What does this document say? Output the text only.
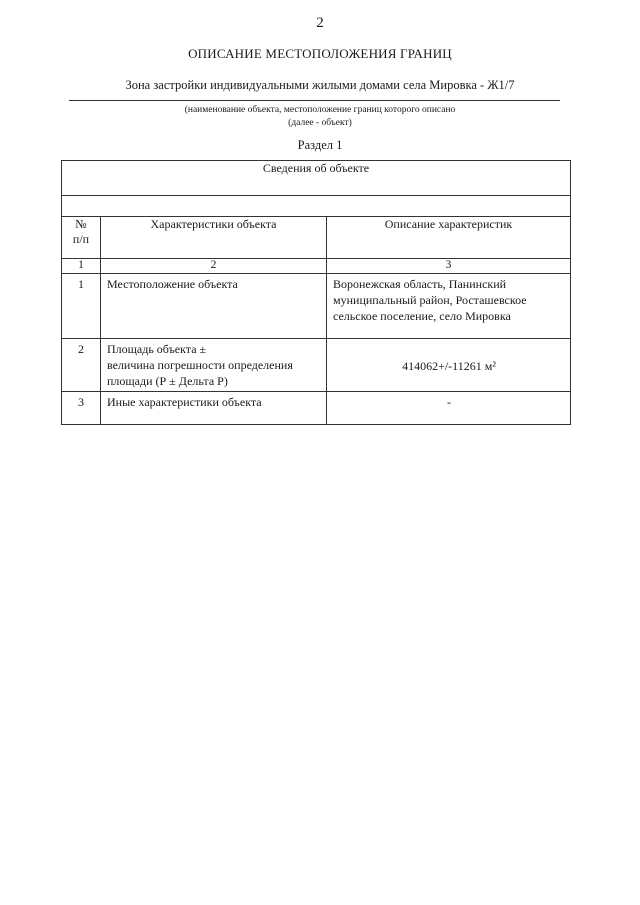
2
ОПИСАНИЕ МЕСТОПОЛОЖЕНИЯ ГРАНИЦ
Зона застройки индивидуальными жилыми домами села Мировка - Ж1/7
(наименование объекта, местоположение границ которого описано
(далее - объект)
Раздел 1
Сведения об объекте		

№
п/п	Характеристики объекта	Описание характеристик
1	2	3
1	Местоположение объекта	Воронежская область, Панинский
муниципальный район, Росташевское
сельское поселение, село Мировка

2	Площадь объекта ±
величина погрешности определения
площади (Р ± Дельта Р)	414062+/-11261 м²
3	Иные характеристики объекта	-
